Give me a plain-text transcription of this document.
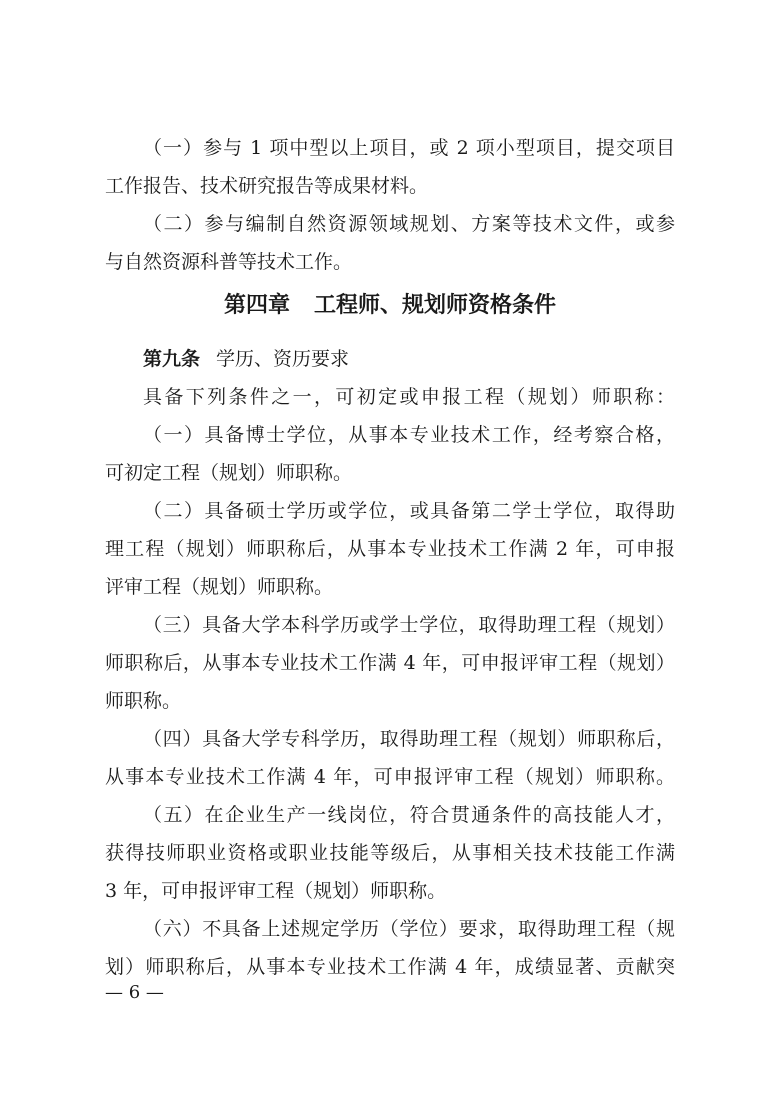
（一）参与 1 项中型以上项目，或 2 项小型项目，提交项目
工作报告、技术研究报告等成果材料。
（二）参与编制自然资源领域规划、方案等技术文件，或参
与自然资源科普等技术工作。
第四章 工程师、规划师资格条件
第九条 学历、资历要求
具备下列条件之一，可初定或申报工程（规划）师职称：
（一）具备博士学位，从事本专业技术工作，经考察合格，
可初定工程（规划）师职称。
（二）具备硕士学历或学位，或具备第二学士学位，取得助
理工程（规划）师职称后，从事本专业技术工作满 2 年，可申报
评审工程（规划）师职称。
（三）具备大学本科学历或学士学位，取得助理工程（规划）
师职称后，从事本专业技术工作满 4 年，可申报评审工程（规划）
师职称。
（四）具备大学专科学历，取得助理工程（规划）师职称后，
从事本专业技术工作满 4 年，可申报评审工程（规划）师职称。
（五）在企业生产一线岗位，符合贯通条件的高技能人才，
获得技师职业资格或职业技能等级后，从事相关技术技能工作满
3 年，可申报评审工程（规划）师职称。
（六）不具备上述规定学历（学位）要求，取得助理工程（规
划）师职称后，从事本专业技术工作满 4 年，成绩显著、贡献突
— 6 —
